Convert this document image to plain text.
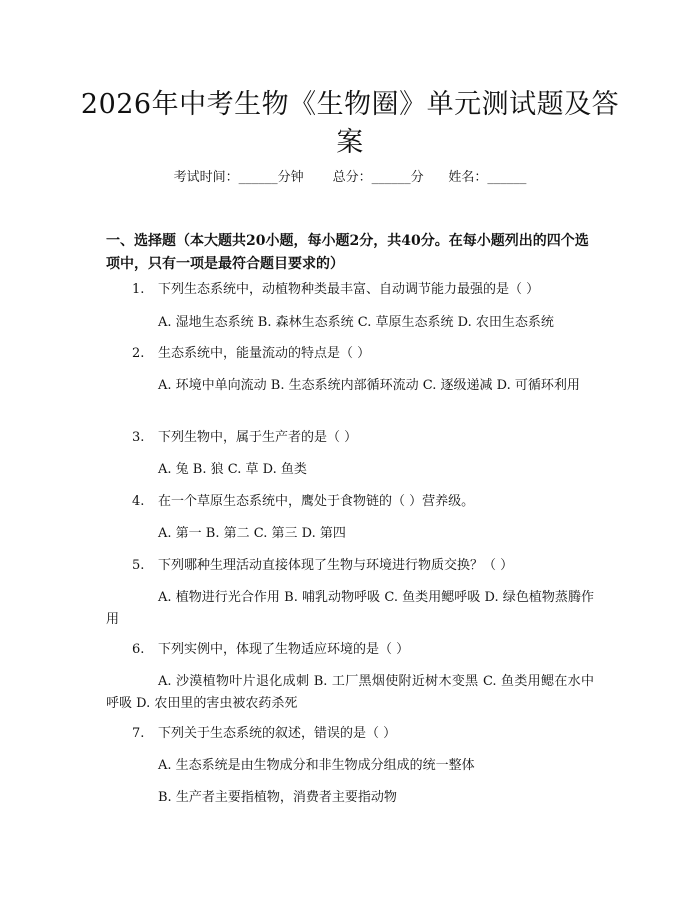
2026年中考生物《生物圈》单元测试题及答案
考试时间：______分钟 总分：______分 姓名：______
一、选择题（本大题共20小题，每小题2分，共40分。在每小题列出的四个选项中，只有一项是最符合题目要求的）
1. 下列生态系统中，动植物种类最丰富、自动调节能力最强的是（ ）
A. 湿地生态系统 B. 森林生态系统 C. 草原生态系统 D. 农田生态系统
2. 生态系统中，能量流动的特点是（ ）
A. 环境中单向流动 B. 生态系统内部循环流动 C. 逐级递减 D. 可循环利用
3. 下列生物中，属于生产者的是（ ）
A. 兔 B. 狼 C. 草 D. 鱼类
4. 在一个草原生态系统中，鹰处于食物链的（ ）营养级。
A. 第一 B. 第二 C. 第三 D. 第四
5. 下列哪种生理活动直接体现了生物与环境进行物质交换？（ ）
A. 植物进行光合作用 B. 哺乳动物呼吸 C. 鱼类用鳃呼吸 D. 绿色植物蒸腾作用
6. 下列实例中，体现了生物适应环境的是（ ）
A. 沙漠植物叶片退化成刺 B. 工厂黑烟使附近树木变黑 C. 鱼类用鳃在水中呼吸 D. 农田里的害虫被农药杀死
7. 下列关于生态系统的叙述，错误的是（ ）
A. 生态系统是由生物成分和非生物成分组成的统一整体
B. 生产者主要指植物，消费者主要指动物
